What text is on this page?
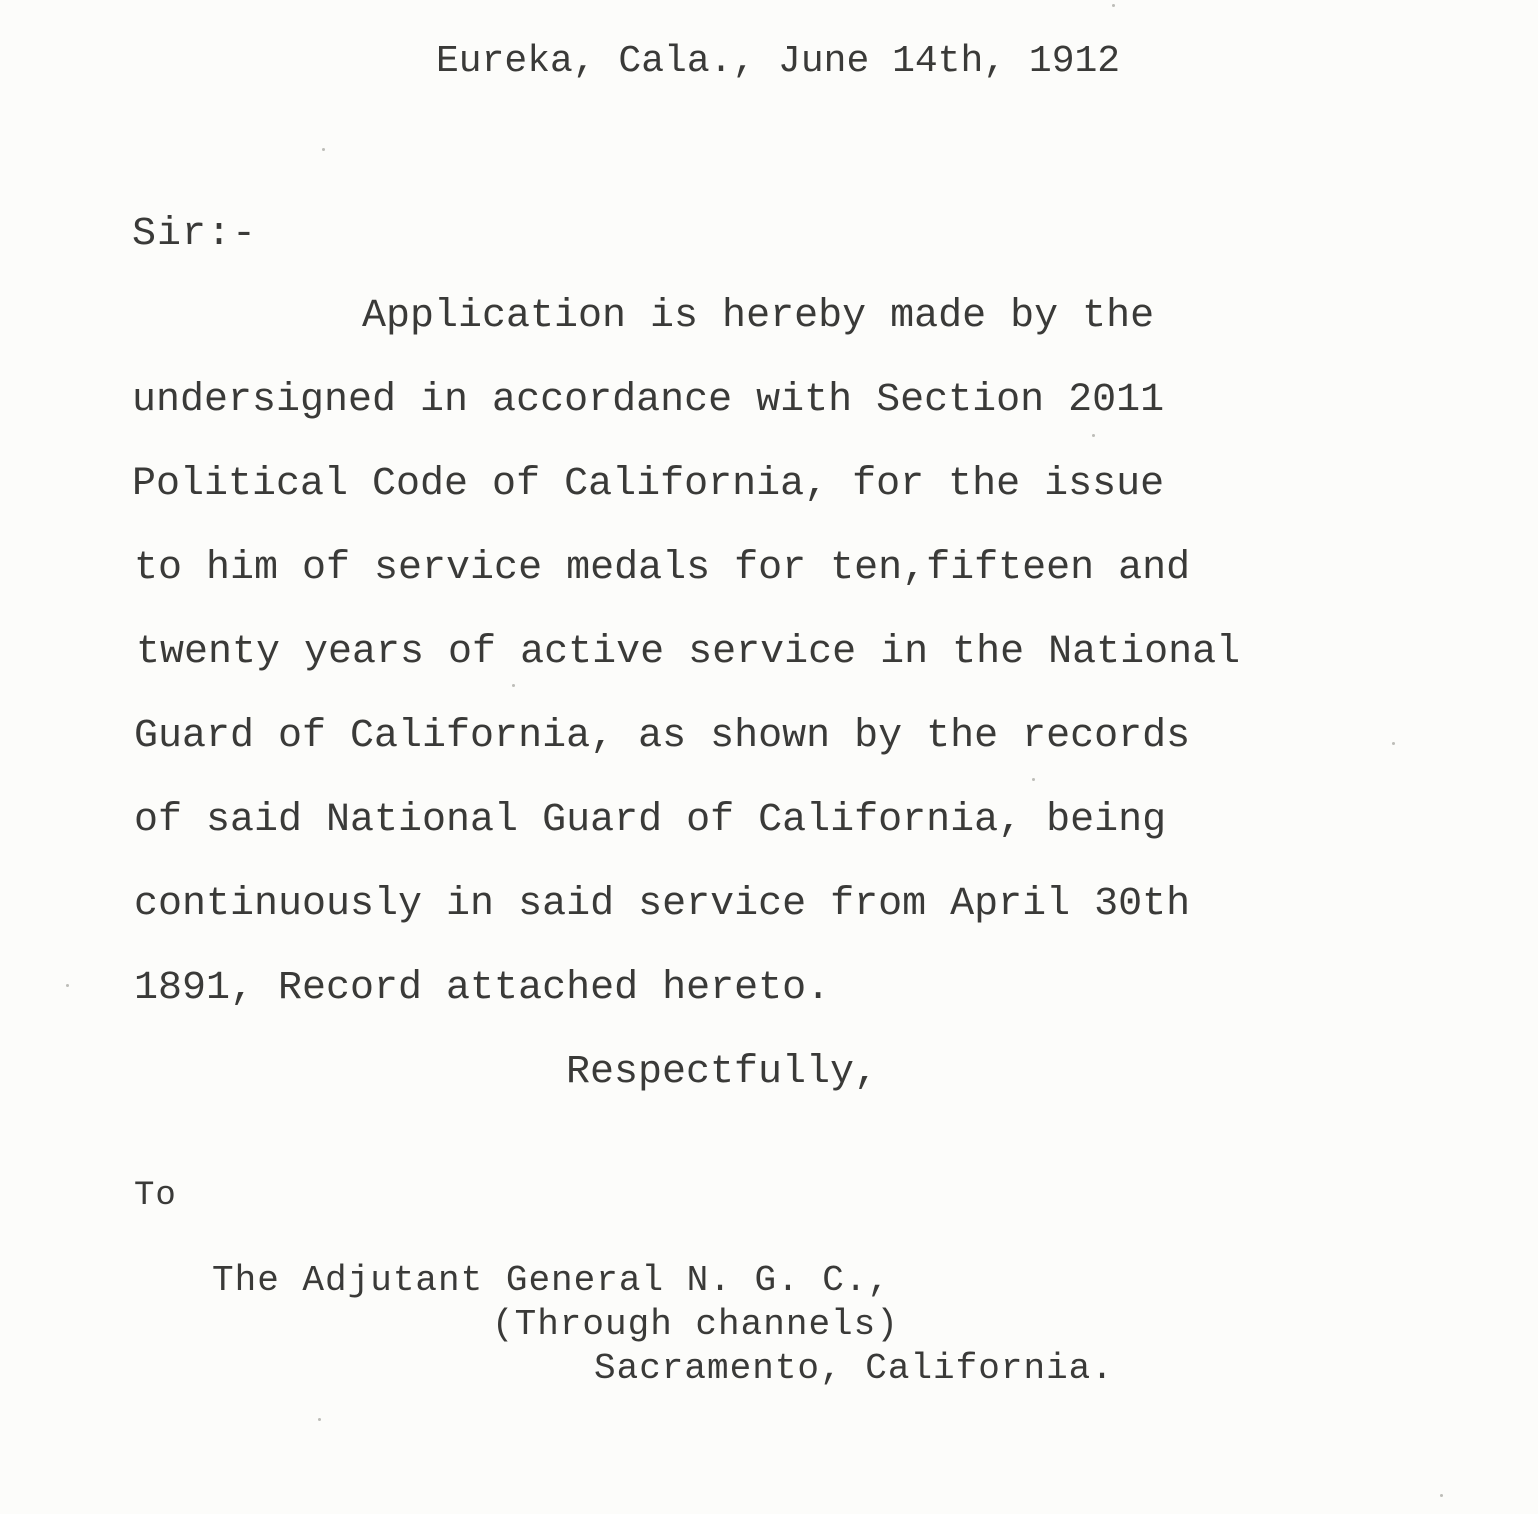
Eureka, Cala., June 14th, 1912

Sir:-

Application is hereby made by the

undersigned in accordance with Section 2011

Political Code of California, for the issue

to him of service medals for ten,fifteen and

twenty years of active service in the National

Guard of California, as shown by the records

of said National Guard of California, being

continuously in said service from April 30th

1891, Record attached hereto.

Respectfully,

To

The Adjutant General N. G. C.,

(Through channels)

Sacramento, California.
